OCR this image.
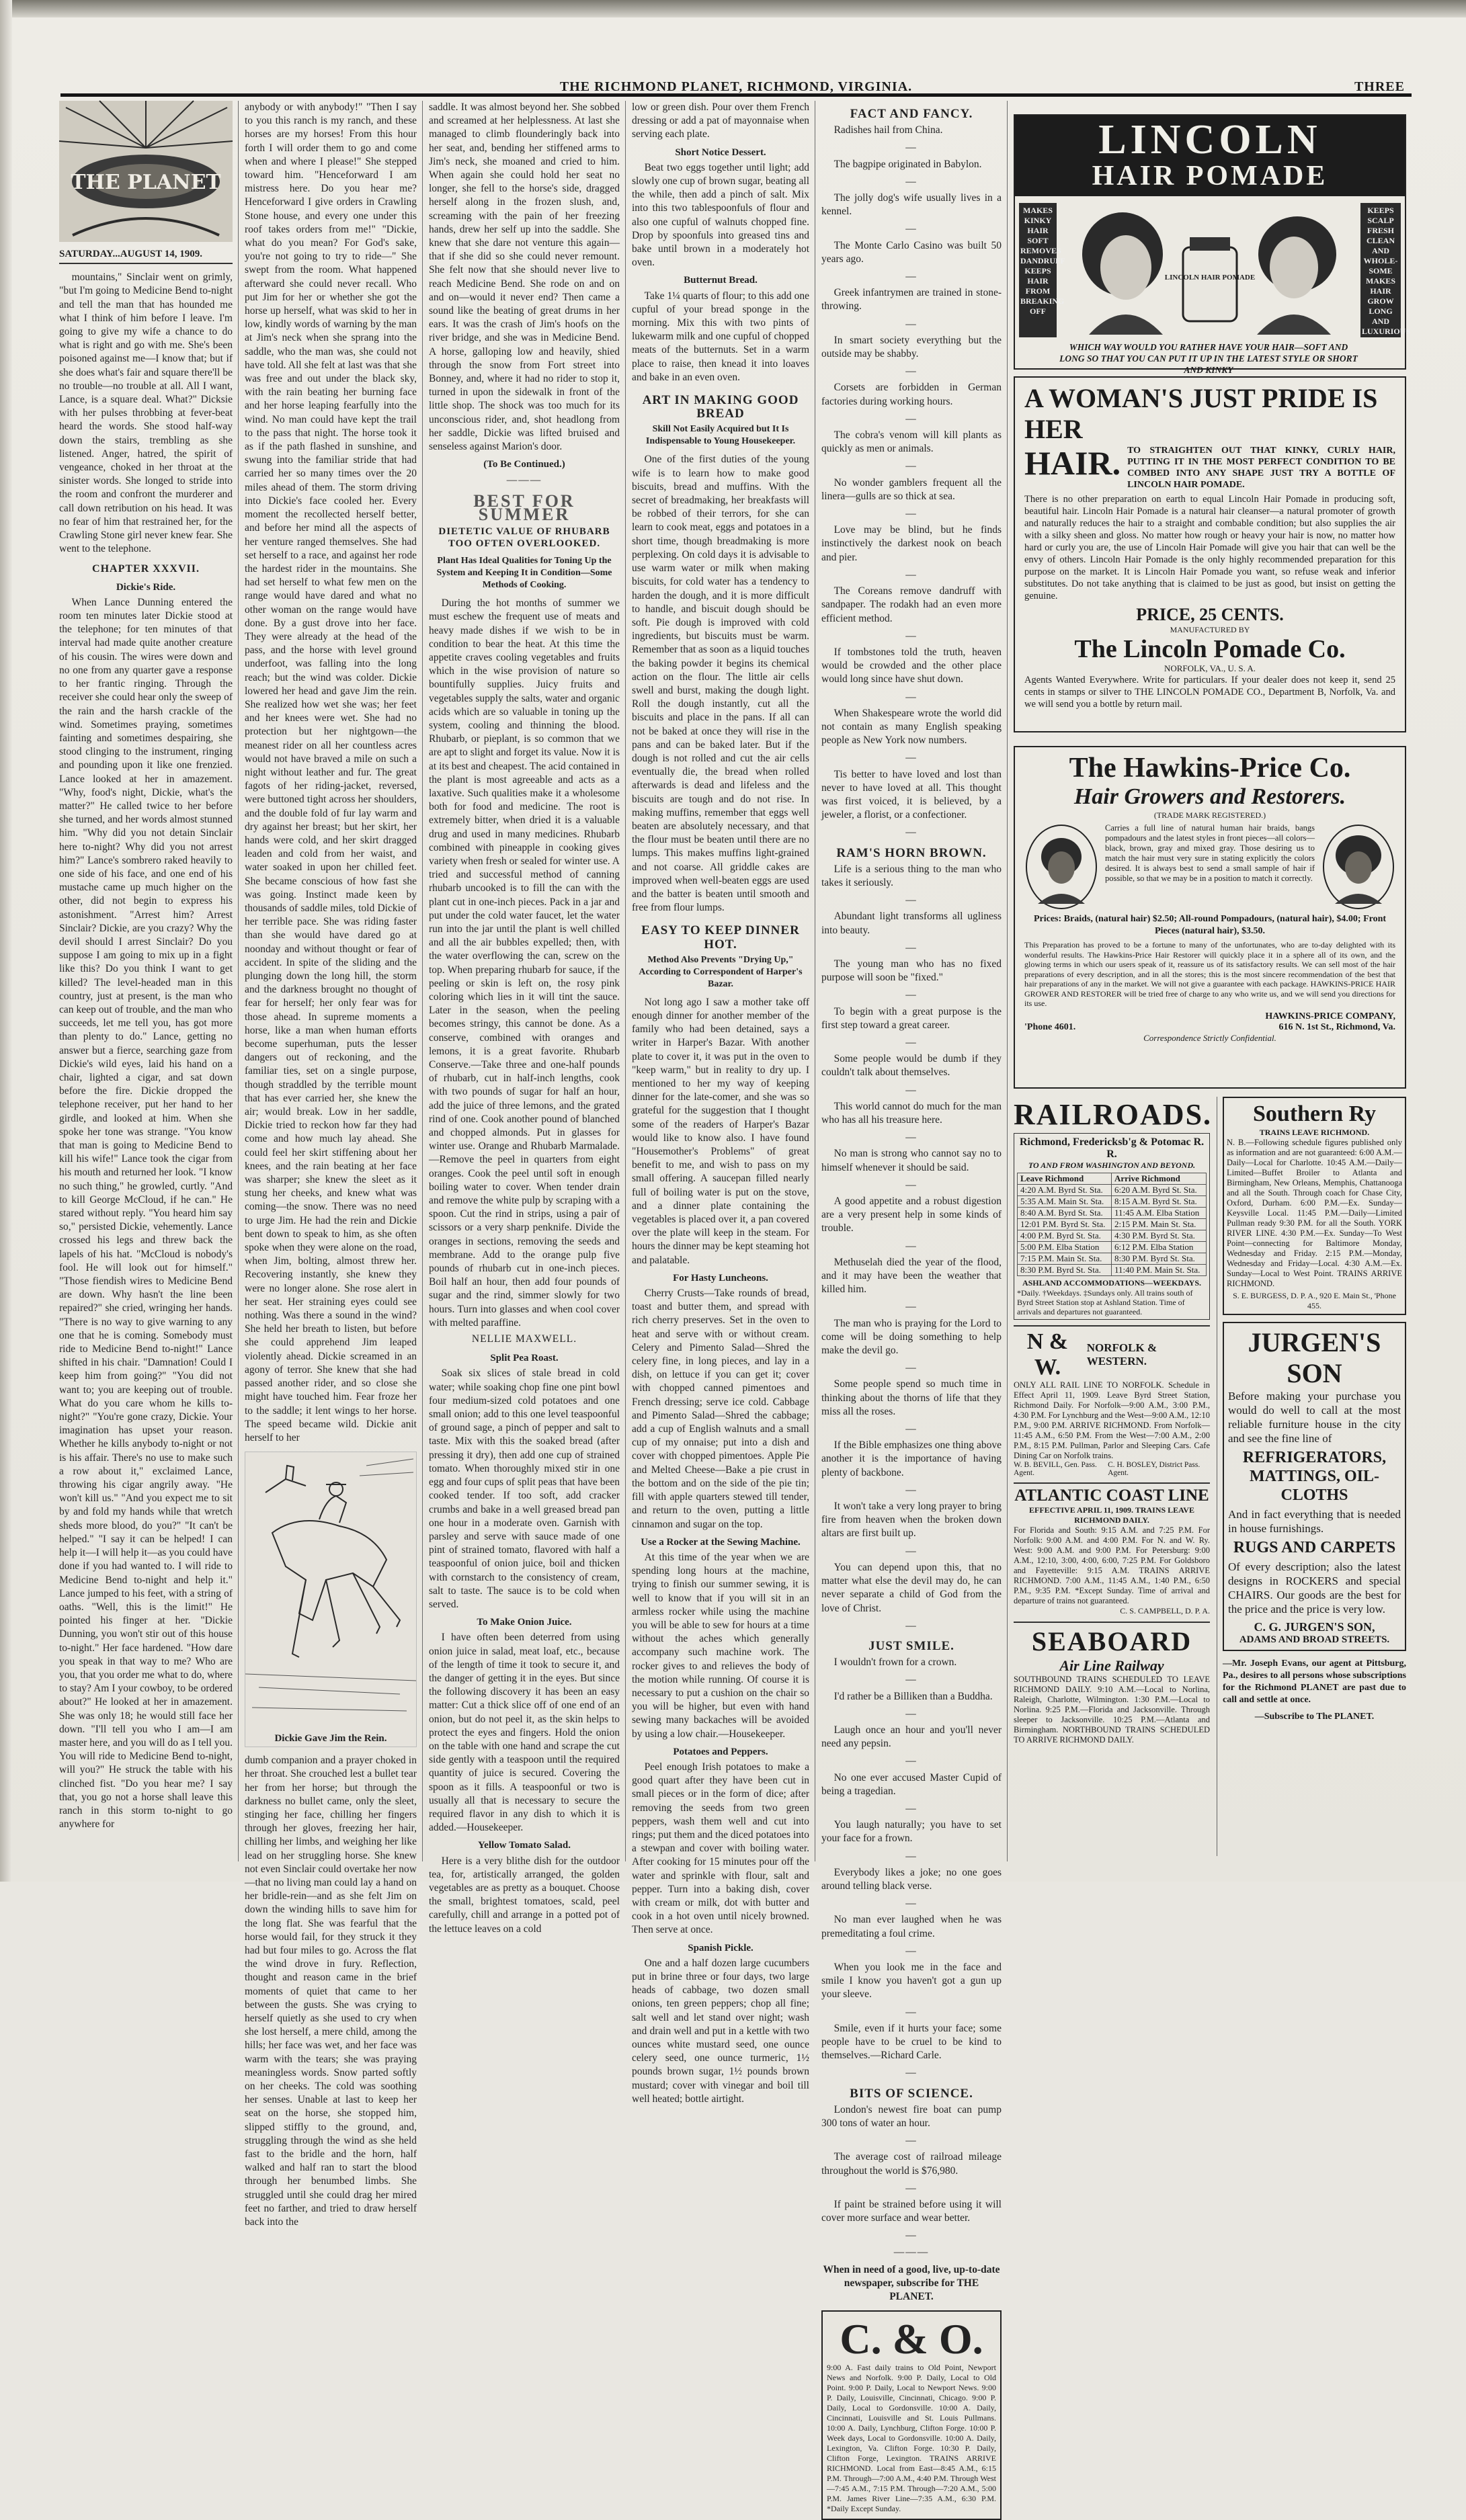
THE RICHMOND PLANET, RICHMOND, VIRGINIA.	THREE
THE PLANET
SATURDAY...AUGUST 14, 1909.

mountains," Sinclair went on grimly, "but I'm going to Medicine Bend to-night and tell the man that has hounded me what I think of him before I leave. I'm going to give my wife a chance to do what is right and go with me. She's been poisoned against me—I know that; but if she does what's fair and square there'll be no trouble—no trouble at all. All I want, Lance, is a square deal. What?" Dicksie with her pulses throbbing at fever-beat heard the words. She stood half-way down the stairs, trembling as she listened. Anger, hatred, the spirit of vengeance, choked in her throat at the sinister words. She longed to stride into the room and confront the murderer and call down retribution on his head. It was no fear of him that restrained her, for the Crawling Stone girl never knew fear. She went to the telephone.

CHAPTER XXXVII.
Dickie's Ride.

When Lance Dunning entered the room ten minutes later Dickie stood at the telephone; for ten minutes of that interval had made quite another creature of his cousin. The wires were down and no one from any quarter gave a response to her frantic ringing. Through the receiver she could hear only the sweep of the rain and the harsh crackle of the wind. Sometimes praying, sometimes fainting and sometimes despairing, she stood clinging to the instrument, ringing and pounding upon it like one frenzied. Lance looked at her in amazement. "Why, food's night, Dickie, what's the matter?" He called twice to her before she turned, and her words almost stunned him. "Why did you not detain Sinclair here to-night? Why did you not arrest him?" Lance's sombrero raked heavily to one side of his face, and one end of his mustache came up much higher on the other, did not begin to express his astonishment. "Arrest him? Arrest Sinclair? Dickie, are you crazy? Why the devil should I arrest Sinclair? Do you suppose I am going to mix up in a fight like this? Do you think I want to get killed? The level-headed man in this country, just at present, is the man who can keep out of trouble, and the man who succeeds, let me tell you, has got more than plenty to do." Lance, getting no answer but a fierce, searching gaze from Dickie's wild eyes, laid his hand on a chair, lighted a cigar, and sat down before the fire. Dickie dropped the telephone receiver, put her hand to her girdle, and looked at him. When she spoke her tone was strange. "You know that man is going to Medicine Bend to kill his wife!" Lance took the cigar from his mouth and returned her look. "I know no such thing," he growled, curtly. "And to kill George McCloud, if he can." He stared without reply. "You heard him say so," persisted Dickie, vehemently. Lance crossed his legs and threw back the lapels of his hat. "McCloud is nobody's fool. He will look out for himself." "Those fiendish wires to Medicine Bend are down. Why hasn't the line been repaired?" she cried, wringing her hands. "There is no way to give warning to any one that he is coming. Somebody must ride to Medicine Bend to-night!" Lance shifted in his chair. "Damnation! Could I keep him from going?" "You did not want to; you are keeping out of trouble. What do you care whom he kills to-night?" "You're gone crazy, Dickie. Your imagination has upset your reason. Whether he kills anybody to-night or not is his affair. There's no use to make such a row about it," exclaimed Lance, throwing his cigar angrily away. "He won't kill us." "And you expect me to sit by and fold my hands while that wretch sheds more blood, do you?" "It can't be helped." "I say it can be helped! I can help it—I will help it—as you could have done if you had wanted to. I will ride to Medicine Bend to-night and help it." Lance jumped to his feet, with a string of oaths. "Well, this is the limit!" He pointed his finger at her. "Dickie Dunning, you won't stir out of this house to-night." Her face hardened. "How dare you speak in that way to me? Who are you, that you order me what to do, where to stay? Am I your cowboy, to be ordered about?" He looked at her in amazement. She was only 18; he would still face her down. "I'll tell you who I am—I am master here, and you will do as I tell you. You will ride to Medicine Bend to-night, will you?" He struck the table with his clinched fist. "Do you hear me? I say that, you go not a horse shall leave this ranch in this storm to-night to go anywhere for

anybody or with anybody!" "Then I say to you this ranch is my ranch, and these horses are my horses! From this hour forth I will order them to go and come when and where I please!" She stepped toward him. "Henceforward I am mistress here. Do you hear me? Henceforward I give orders in Crawling Stone house, and every one under this roof takes orders from me!" "Dickie, what do you mean? For God's sake, you're not going to try to ride—" She swept from the room. What happened afterward she could never recall. Who put Jim for her or whether she got the horse up herself, what was skid to her in low, kindly words of warning by the man at Jim's neck when she sprang into the saddle, who the man was, she could not have told. All she felt at last was that she was free and out under the black sky, with the rain beating her burning face and her horse leaping fearfully into the wind. No man could have kept the trail to the pass that night. The horse took it as if the path flashed in sunshine, and swung into the familiar stride that had carried her so many times over the 20 miles ahead of them. The storm driving into Dickie's face cooled her. Every moment the recollected herself better, and before her mind all the aspects of her venture ranged themselves. She had set herself to a race, and against her rode the hardest rider in the mountains. She had set herself to what few men on the range would have dared and what no other woman on the range would have done. By a gust drove into her face. They were already at the head of the pass, and the horse with level ground underfoot, was falling into the long reach; but the wind was colder. Dickie lowered her head and gave Jim the rein. She realized how wet she was; her feet and her knees were wet. She had no protection but her nightgown—the meanest rider on all her countless acres would not have braved a mile on such a night without leather and fur. The great fagots of her riding-jacket, reversed, were buttoned tight across her shoulders, and the double fold of fur lay warm and dry against her breast; but her skirt, her hands were cold, and her skirt dragged leaden and cold from her waist, and water soaked in upon her chilled feet. She became conscious of how fast she was going. Instinct made keen by thousands of saddle miles, told Dickie of her terrible pace. She was riding faster than she would have dared go at noonday and without thought or fear of accident. In spite of the sliding and the plunging down the long hill, the storm and the darkness brought no thought of fear for herself; her only fear was for those ahead. In supreme moments a horse, like a man when human efforts become superhuman, puts the lesser dangers out of reckoning, and the familiar ties, set on a single purpose, though straddled by the terrible mount that has ever carried her, she knew the air; would break. Low in her saddle, Dickie tried to reckon how far they had come and how much lay ahead. She could feel her skirt stiffening about her knees, and the rain beating at her face was sharper; she knew the sleet as it stung her cheeks, and knew what was coming—the snow. There was no need to urge Jim. He had the rein and Dickie bent down to speak to him, as she often spoke when they were alone on the road, when Jim, bolting, almost threw her. Recovering instantly, she knew they were no longer alone. She rose alert in her seat. Her straining eyes could see nothing. Was there a sound in the wind? She held her breath to listen, but before she could apprehend Jim leaped violently ahead. Dickie screamed in an agony of terror. She knew that she had passed another rider, and so close she might have touched him. Fear froze her to the saddle; it lent wings to her horse. The speed became wild. Dickie anit herself to her

Dickie Gave Jim the Rein.

dumb companion and a prayer choked in her throat. She crouched lest a bullet tear her from her horse; but through the darkness no bullet came, only the sleet, stinging her face, chilling her fingers through her gloves, freezing her hair, chilling her limbs, and weighing her like lead on her struggling horse. She knew not even Sinclair could overtake her now—that no living man could lay a hand on her bridle-rein—and as she felt Jim on down the winding hills to save him for the long flat. She was fearful that the horse would fail, for they struck it they had but four miles to go. Across the flat the wind drove in fury. Reflection, thought and reason came in the brief moments of quiet that came to her between the gusts. She was crying to herself quietly as she used to cry when she lost herself, a mere child, among the hills; her face was wet, and her face was warm with the tears; she was praying meaningless words. Snow parted softly on her cheeks. The cold was soothing her senses. Unable at last to keep her seat on the horse, she stopped him, slipped stiffly to the ground, and, struggling through the wind as she held fast to the bridle and the horn, half walked and half ran to start the blood through her benumbed limbs. She struggled until she could drag her mired feet no farther, and tried to draw herself back into the

saddle. It was almost beyond her. She sobbed and screamed at her helplessness. At last she managed to climb flounderingly back into her seat, and, bending her stiffened arms to Jim's neck, she moaned and cried to him. When again she could hold her seat no longer, she fell to the horse's side, dragged herself along in the frozen slush, and, screaming with the pain of her freezing hands, drew her self up into the saddle. She knew that she dare not venture this again—that if she did so she could never remount. She felt now that she should never live to reach Medicine Bend. She rode on and on and on—would it never end? Then came a sound like the beating of great drums in her ears. It was the crash of Jim's hoofs on the river bridge, and she was in Medicine Bend. A horse, galloping low and heavily, shied through the snow from Fort street into Bonney, and, where it had no rider to stop it, turned in upon the sidewalk in front of the little shop. The shock was too much for its unconscious rider, and, shot headlong from her saddle, Dickie was lifted bruised and senseless against Marion's door.

(To Be Continued.)
———
BEST FOR SUMMER
DIETETIC VALUE OF RHUBARB TOO OFTEN OVERLOOKED.
Plant Has Ideal Qualities for Toning Up the System and Keeping It in Condition—Some Methods of Cooking.

During the hot months of summer we must eschew the frequent use of meats and heavy made dishes if we wish to be in condition to bear the heat. At this time the appetite craves cooling vegetables and fruits which in the wise provision of nature so bountifully supplies. Juicy fruits and vegetables supply the salts, water and organic acids which are so valuable in toning up the system, cooling and thinning the blood. Rhubarb, or pieplant, is so common that we are apt to slight and forget its value. Now it is at its best and cheapest. The acid contained in the plant is most agreeable and acts as a laxative. Such qualities make it a wholesome both for food and medicine. The root is extremely bitter, when dried it is a valuable drug and used in many medicines. Rhubarb combined with pineapple in cooking gives variety when fresh or sealed for winter use. A tried and successful method of canning rhubarb uncooked is to fill the can with the plant cut in one-inch pieces. Pack in a jar and put under the cold water faucet, let the water run into the jar until the plant is well chilled and all the air bubbles expelled; then, with the water overflowing the can, screw on the top. When preparing rhubarb for sauce, if the peeling or skin is left on, the rosy pink coloring which lies in it will tint the sauce. Later in the season, when the peeling becomes stringy, this cannot be done. As a conserve, combined with oranges and lemons, it is a great favorite. Rhubarb Conserve.—Take three and one-half pounds of rhubarb, cut in half-inch lengths, cook with two pounds of sugar for half an hour, add the juice of three lemons, and the grated rind of one. Cook another pound of blanched and chopped almonds. Put in glasses for winter use. Orange and Rhubarb Marmalade.—Remove the peel in quarters from eight oranges. Cook the peel until soft in enough boiling water to cover. When tender drain and remove the white pulp by scraping with a spoon. Cut the rind in strips, using a pair of scissors or a very sharp penknife. Divide the oranges in sections, removing the seeds and membrane. Add to the orange pulp five pounds of rhubarb cut in one-inch pieces. Boil half an hour, then add four pounds of sugar and the rind, simmer slowly for two hours. Turn into glasses and when cool cover with melted paraffine.

NELLIE MAXWELL.
Split Pea Roast.

Soak six slices of stale bread in cold water; while soaking chop fine one pint bowl four medium-sized cold potatoes and one small onion; add to this one level teaspoonful of ground sage, a pinch of pepper and salt to taste. Mix with this the soaked bread (after pressing it dry), then add one cup of strained tomato. When thoroughly mixed stir in one egg and four cups of split peas that have been cooked tender. If too soft, add cracker crumbs and bake in a well greased bread pan one hour in a moderate oven. Garnish with parsley and serve with sauce made of one pint of strained tomato, flavored with half a teaspoonful of onion juice, boil and thicken with cornstarch to the consistency of cream, salt to taste. The sauce is to be cold when served.

To Make Onion Juice.

I have often been deterred from using onion juice in salad, meat loaf, etc., because of the length of time it took to secure it, and the danger of getting it in the eyes. But since the following discovery it has been an easy matter: Cut a thick slice off of one end of an onion, but do not peel it, as the skin helps to protect the eyes and fingers. Hold the onion on the table with one hand and scrape the cut side gently with a teaspoon until the required quantity of juice is secured. Covering the spoon as it fills. A teaspoonful or two is usually all that is necessary to secure the required flavor in any dish to which it is added.—Housekeeper.

Yellow Tomato Salad.

Here is a very blithe dish for the outdoor tea, for, artistically arranged, the golden vegetables are as pretty as a bouquet. Choose the small, brightest tomatoes, scald, peel carefully, chill and arrange in a potted pot of the lettuce leaves on a cold

low or green dish. Pour over them French dressing or add a pat of mayonnaise when serving each plate.

Short Notice Dessert.

Beat two eggs together until light; add slowly one cup of brown sugar, beating all the while, then add a pinch of salt. Mix into this two tablespoonfuls of flour and also one cupful of walnuts chopped fine. Drop by spoonfuls into greased tins and bake until brown in a moderately hot oven.

Butternut Bread.

Take 1¼ quarts of flour; to this add one cupful of your bread sponge in the morning. Mix this with two pints of lukewarm milk and one cupful of chopped meats of the butternuts. Set in a warm place to raise, then knead it into loaves and bake in an even oven.

ART IN MAKING GOOD BREAD
Skill Not Easily Acquired but It Is Indispensable to Young Housekeeper.

One of the first duties of the young wife is to learn how to make good biscuits, bread and muffins. With the secret of breadmaking, her breakfasts will be robbed of their terrors, for she can learn to cook meat, eggs and potatoes in a short time, though breadmaking is more perplexing. On cold days it is advisable to use warm water or milk when making biscuits, for cold water has a tendency to harden the dough, and it is more difficult to handle, and biscuit dough should be soft. Pie dough is improved with cold ingredients, but biscuits must be warm. Remember that as soon as a liquid touches the baking powder it begins its chemical action on the flour. The little air cells swell and burst, making the dough light. Roll the dough instantly, cut all the biscuits and place in the pans. If all can not be baked at once they will rise in the pans and can be baked later. But if the dough is not rolled and cut the air cells eventually die, the bread when rolled afterwards is dead and lifeless and the biscuits are tough and do not rise. In making muffins, remember that eggs well beaten are absolutely necessary, and that the flour must be beaten until there are no lumps. This makes muffins light-grained and not coarse. All griddle cakes are improved when well-beaten eggs are used and the batter is beaten until smooth and free from flour lumps.

EASY TO KEEP DINNER HOT.
Method Also Prevents "Drying Up," According to Correspondent of Harper's Bazar.

Not long ago I saw a mother take off enough dinner for another member of the family who had been detained, says a writer in Harper's Bazar. With another plate to cover it, it was put in the oven to "keep warm," but in reality to dry up. I mentioned to her my way of keeping dinner for the late-comer, and she was so grateful for the suggestion that I thought some of the readers of Harper's Bazar would like to know also. I have found "Housemother's Problems" of great benefit to me, and wish to pass on my small offering. A saucepan filled nearly full of boiling water is put on the stove, and a dinner plate containing the vegetables is placed over it, a pan covered over the plate will keep in the steam. For hours the dinner may be kept steaming hot and palatable.

For Hasty Luncheons.

Cherry Crusts—Take rounds of bread, toast and butter them, and spread with rich cherry preserves. Set in the oven to heat and serve with or without cream. Celery and Pimento Salad—Shred the celery fine, in long pieces, and lay in a dish, on lettuce if you can get it; cover with chopped canned pimentoes and French dressing; serve ice cold. Cabbage and Pimento Salad—Shred the cabbage; add a cup of English walnuts and a small cup of my onnaise; put into a dish and cover with chopped pimentoes. Apple Pie and Melted Cheese—Bake a pie crust in the bottom and on the side of the pie tin; fill with apple quarters stewed till tender, and return to the oven, putting a little cinnamon and sugar on the top.

Use a Rocker at the Sewing Machine.

At this time of the year when we are spending long hours at the machine, trying to finish our summer sewing, it is well to know that if you will sit in an armless rocker while using the machine you will be able to sew for hours at a time without the aches which generally accompany such machine work. The rocker gives to and relieves the body of the motion while running. Of course it is necessary to put a cushion on the chair so you will be higher, but even with hand sewing many backaches will be avoided by using a low chair.—Housekeeper.

Potatoes and Peppers.

Peel enough Irish potatoes to make a good quart after they have been cut in small pieces or in the form of dice; after removing the seeds from two green peppers, wash them well and cut into rings; put them and the diced potatoes into a stewpan and cover with boiling water. After cooking for 15 minutes pour off the water and sprinkle with flour, salt and pepper. Turn into a baking dish, cover with cream or milk, dot with butter and cook in a hot oven until nicely browned. Then serve at once.

Spanish Pickle.

One and a half dozen large cucumbers put in brine three or four days, two large heads of cabbage, two dozen small onions, ten green peppers; chop all fine; salt well and let stand over night; wash and drain well and put in a kettle with two ounces white mustard seed, one ounce celery seed, one ounce turmeric, 1½ pounds brown sugar, 1½ pounds brown mustard; cover with vinegar and boil till well heated; bottle airtight.

FACT AND FANCY.

Radishes hail from China.

—

The bagpipe originated in Babylon.

—

The jolly dog's wife usually lives in a kennel.

—

The Monte Carlo Casino was built 50 years ago.

—

Greek infantrymen are trained in stone-throwing.

—

In smart society everything but the outside may be shabby.

—

Corsets are forbidden in German factories during working hours.

—

The cobra's venom will kill plants as quickly as men or animals.

—

No wonder gamblers frequent all the linera—gulls are so thick at sea.

—

Love may be blind, but he finds instinctively the darkest nook on beach and pier.

—

The Coreans remove dandruff with sandpaper. The rodakh had an even more efficient method.

—

If tombstones told the truth, heaven would be crowded and the other place would long since have shut down.

—

When Shakespeare wrote the world did not contain as many English speaking people as New York now numbers.

—

Tis better to have loved and lost than never to have loved at all. This thought was first voiced, it is believed, by a jeweler, a florist, or a confectioner.

—
RAM'S HORN BROWN.

Life is a serious thing to the man who takes it seriously.

—

Abundant light transforms all ugliness into beauty.

—

The young man who has no fixed purpose will soon be "fixed."

—

To begin with a great purpose is the first step toward a great career.

—

Some people would be dumb if they couldn't talk about themselves.

—

This world cannot do much for the man who has all his treasure here.

—

No man is strong who cannot say no to himself whenever it should be said.

—

A good appetite and a robust digestion are a very present help in some kinds of trouble.

—

Methuselah died the year of the flood, and it may have been the weather that killed him.

—

The man who is praying for the Lord to come will be doing something to help make the devil go.

—

Some people spend so much time in thinking about the thorns of life that they miss all the roses.

—

If the Bible emphasizes one thing above another it is the importance of having plenty of backbone.

—

It won't take a very long prayer to bring fire from heaven when the broken down altars are first built up.

—

You can depend upon this, that no matter what else the devil may do, he can never separate a child of God from the love of Christ.

—
JUST SMILE.

I wouldn't frown for a crown.

—

I'd rather be a Billiken than a Buddha.

—

Laugh once an hour and you'll never need any pepsin.

—

No one ever accused Master Cupid of being a tragedian.

—

You laugh naturally; you have to set your face for a frown.

—

Everybody likes a joke; no one goes around telling black verse.

—

No man ever laughed when he was premeditating a foul crime.

—

When you look me in the face and smile I know you haven't got a gun up your sleeve.

—

Smile, even if it hurts your face; some people have to be cruel to be kind to themselves.—Richard Carle.

—
BITS OF SCIENCE.

London's newest fire boat can pump 300 tons of water an hour.

—

The average cost of railroad mileage throughout the world is $76,980.

—

If paint be strained before using it will cover more surface and wear better.

—
———

When in need of a good, live, up-to-date newspaper, subscribe for THE PLANET.

C. & O.

9:00 A. Fast daily trains to Old Point, Newport News and Norfolk. 9:00 P. Daily, Local to Old Point. 9:00 P. Daily, Local to Newport News. 9:00 P. Daily, Louisville, Cincinnati, Chicago. 9:00 P. Daily, Local to Gordonsville. 10:00 A. Daily, Cincinnati, Louisville and St. Louis Pullmans. 10:00 A. Daily, Lynchburg, Clifton Forge. 10:00 P. Week days, Local to Gordonsville. 10:00 A. Daily, Lexington, Va. Clifton Forge. 10:30 P. Daily, Clifton Forge, Lexington. TRAINS ARRIVE RICHMOND. Local from East—8:45 A.M., 6:15 P.M. Through—7:00 A.M., 4:40 P.M. Through West—7:45 A.M., 7:15 P.M. Through—7:20 A.M., 5:00 P.M. James River Line—7:35 A.M., 6:30 P.M. *Daily Except Sunday.

LINCOLN
HAIR POMADE
MAKES KINKY HAIR SOFT REMOVES DANDRUFF KEEPS HAIR FROM BREAKING OFF
KEEPS SCALP FRESH CLEAN AND WHOLE-SOME MAKES HAIR GROW LONG AND LUXURIOUS
LINCOLN HAIR POMADE
WHICH WAY WOULD YOU RATHER HAVE YOUR HAIR—SOFT AND LONG SO THAT YOU CAN PUT IT UP IN THE LATEST STYLE OR SHORT AND KINKY
A WOMAN'S JUST PRIDE IS HER
HAIR. TO STRAIGHTEN OUT THAT KINKY, CURLY HAIR, PUTTING IT IN THE MOST PERFECT CONDITION TO BE COMBED INTO ANY SHAPE JUST TRY A BOTTLE OF LINCOLN HAIR POMADE.

There is no other preparation on earth to equal Lincoln Hair Pomade in producing soft, beautiful hair. Lincoln Hair Pomade is a natural hair cleanser—a natural promoter of growth and naturally reduces the hair to a straight and combable condition; but also supplies the air with a silky sheen and gloss. No matter how rough or heavy your hair is now, no matter how hard or curly you are, the use of Lincoln Hair Pomade will give you hair that can well be the envy of others. Lincoln Hair Pomade is the only highly recommended preparation for this purpose on the market. It is Lincoln Hair Pomade you want, so refuse weak and inferior substitutes. Do not take anything that is claimed to be just as good, but insist on getting the genuine.

PRICE, 25 CENTS.
MANUFACTURED BY
The Lincoln Pomade Co.
NORFOLK, VA., U. S. A.

Agents Wanted Everywhere. Write for particulars. If your dealer does not keep it, send 25 cents in stamps or silver to THE LINCOLN POMADE CO., Department B, Norfolk, Va. and we will send you a bottle by return mail.

The Hawkins-Price Co.
Hair Growers and Restorers.
(TRADE MARK REGISTERED.)

Carries a full line of natural human hair braids, bangs pompadours and the latest styles in front pieces—all colors—black, brown, gray and mixed gray. Those desiring us to match the hair must very sure in stating explicitly the colors desired. It is always best to send a small sample of hair if possible, so that we may be in a position to match it correctly.

Prices: Braids, (natural hair) $2.50; All-round Pompadours, (natural hair), $4.00; Front Pieces (natural hair), $3.50.

This Preparation has proved to be a fortune to many of the unfortunates, who are to-day delighted with its wonderful results. The Hawkins-Price Hair Restorer will quickly place it in a sphere all of its own, and the glowing terms in which our users speak of it, reassure us of its satisfactory results. We can sell most of the hair preparations of every description, and in all the stores; this is the most sincere recommendation of the best that hair preparations of any in the market. We will not give a guarantee with each package. HAWKINS-PRICE HAIR GROWER AND RESTORER will be tried free of charge to any who write us, and we will send you directions for its use.

HAWKINS-PRICE COMPANY,
'Phone 4601.	616 N. 1st St., Richmond, Va.
Correspondence Strictly Confidential.
RAILROADS.
Richmond, Fredericksb'g & Potomac R. R.
TO AND FROM WASHINGTON AND BEYOND.
Leave Richmond	Arrive Richmond
4:20 A.M. Byrd St. Sta.	6:20 A.M. Byrd St. Sta.
5:35 A.M. Main St. Sta.	8:15 A.M. Byrd St. Sta.
8:40 A.M. Byrd St. Sta.	11:45 A.M. Elba Station
12:01 P.M. Byrd St. Sta.	2:15 P.M. Main St. Sta.
4:00 P.M. Byrd St. Sta.	4:30 P.M. Byrd St. Sta.
5:00 P.M. Elba Station	6:12 P.M. Elba Station
7:15 P.M. Main St. Sta.	8:30 P.M. Byrd St. Sta.
8:30 P.M. Byrd St. Sta.	11:40 P.M. Main St. Sta.
ASHLAND ACCOMMODATIONS—WEEKDAYS.

*Daily. †Weekdays. ‡Sundays only. All trains south of Byrd Street Station stop at Ashland Station. Time of arrivals and departures not guaranteed.

N & W.
NORFOLK & WESTERN.

ONLY ALL RAIL LINE TO NORFOLK. Schedule in Effect April 11, 1909. Leave Byrd Street Station, Richmond Daily. For Norfolk—9:00 A.M., 3:00 P.M., 4:30 P.M. For Lynchburg and the West—9:00 A.M., 12:10 P.M., 9:00 P.M. ARRIVE RICHMOND. From Norfolk—11:45 A.M., 6:50 P.M. From the West—7:00 A.M., 2:00 P.M., 8:15 P.M. Pullman, Parlor and Sleeping Cars. Cafe Dining Car on Norfolk trains.

W. B. BEVILL, Gen. Pass. Agent.
C. H. BOSLEY, District Pass. Agent.
ATLANTIC COAST LINE
EFFECTIVE APRIL 11, 1909. TRAINS LEAVE RICHMOND DAILY.

For Florida and South: 9:15 A.M. and 7:25 P.M. For Norfolk: 9:00 A.M. and 4:00 P.M. For N. and W. Ry. West: 9:00 A.M. and 9:00 P.M. For Petersburg: 9:00 A.M., 12:10, 3:00, 4:00, 6:00, 7:25 P.M. For Goldsboro and Fayetteville: 9:15 A.M. TRAINS ARRIVE RICHMOND. 7:00 A.M., 11:45 A.M., 1:40 P.M., 6:50 P.M., 9:35 P.M. *Except Sunday. Time of arrival and departure of trains not guaranteed.

C. S. CAMPBELL, D. P. A.
SEABOARD
Air Line Railway

SOUTHBOUND TRAINS SCHEDULED TO LEAVE RICHMOND DAILY. 9:10 A.M.—Local to Norlina, Raleigh, Charlotte, Wilmington. 1:30 P.M.—Local to Norlina. 9:25 P.M.—Florida and Jacksonville. Through sleeper to Jacksonville. 10:25 P.M.—Atlanta and Birmingham. NORTHBOUND TRAINS SCHEDULED TO ARRIVE RICHMOND DAILY.

Southern Ry
TRAINS LEAVE RICHMOND.

N. B.—Following schedule figures published only as information and are not guaranteed: 6:00 A.M.—Daily—Local for Charlotte. 10:45 A.M.—Daily—Limited—Buffet Broiler to Atlanta and Birmingham, New Orleans, Memphis, Chattanooga and all the South. Through coach for Chase City, Oxford, Durham. 6:00 P.M.—Ex. Sunday—Keysville Local. 11:45 P.M.—Daily—Limited Pullman ready 9:30 P.M. for all the South. YORK RIVER LINE. 4:30 P.M.—Ex. Sunday—To West Point—connecting for Baltimore Monday, Wednesday and Friday. 2:15 P.M.—Monday, Wednesday and Friday—Local. 4:30 A.M.—Ex. Sunday—Local to West Point. TRAINS ARRIVE RICHMOND.

S. E. BURGESS, D. P. A., 920 E. Main St., 'Phone 455.
JURGEN'S SON

Before making your purchase you would do well to call at the most reliable furniture house in the city and see the fine line of

REFRIGERATORS, MATTINGS, OIL-CLOTHS

And in fact everything that is needed in house furnishings.

RUGS AND CARPETS

Of every description; also the latest designs in ROCKERS and special CHAIRS. Our goods are the best for the price and the price is very low.

C. G. JURGEN'S SON,
ADAMS AND BROAD STREETS.

—Mr. Joseph Evans, our agent at Pittsburg, Pa., desires to all persons whose subscriptions for the Richmond PLANET are past due to call and settle at once.

—Subscribe to The PLANET.
